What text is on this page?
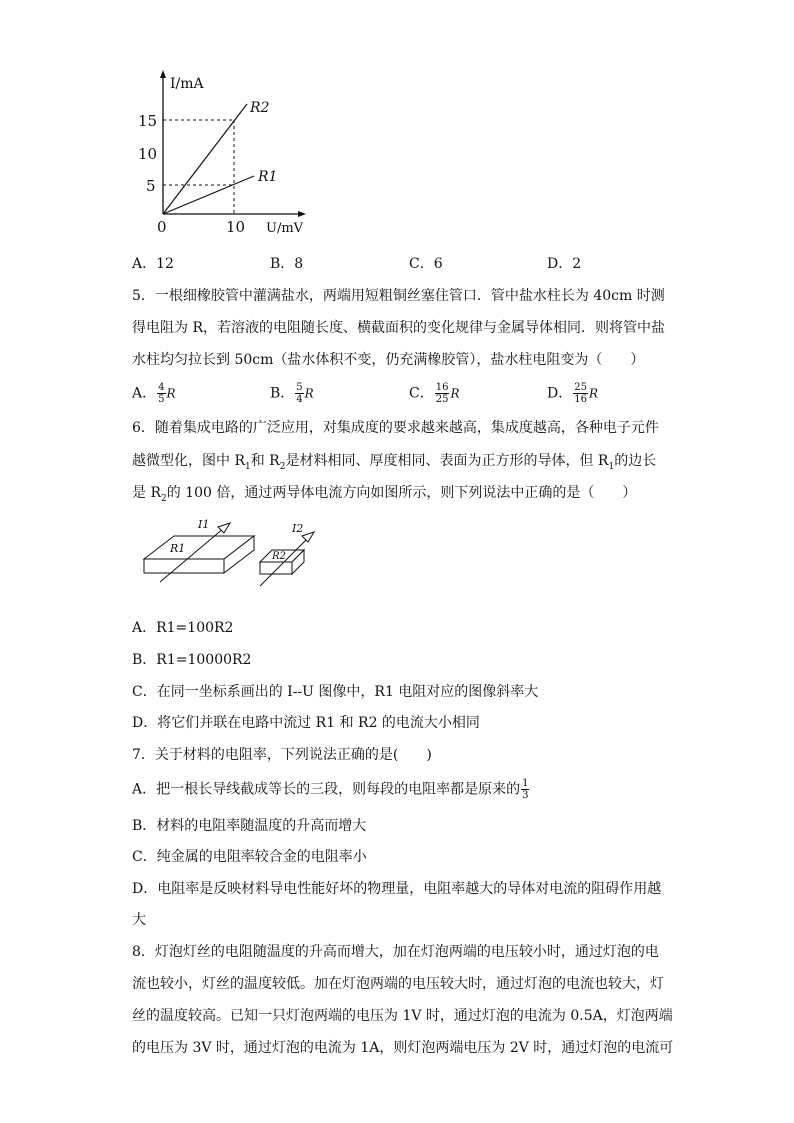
I/mA
15
10
5
0	10 U/mV
R2
R1
A．12	B．8	C．6	D．2
5．一根细橡胶管中灌满盐水，两端用短粗铜丝塞住管口．管中盐水柱长为 40cm 时测
得电阻为 R，若溶液的电阻随长度、横截面积的变化规律与金属导体相同．则将管中盐
水柱均匀拉长到 50cm（盐水体积不变，仍充满橡胶管），盐水柱电阻变为（　　）
A． $\frac{4}{5}$ R	B． $\frac{5}{4}$ R	C． $\frac{16}{25}$ R	D． $\frac{25}{16}$ R
6．随着集成电路的广泛应用，对集成度的要求越来越高，集成度越高，各种电子元件
越微型化，图中 $R_1$和 $R_2$是材料相同、厚度相同、表面为正方形的导体，但 $R_1$的边长
是 $R_2$的 100 倍，通过两导体电流方向如图所示，则下列说法中正确的是（　　）
R1
I1
R2
I2
A．R1=100R2
B．R1=10000R2
C．在同一坐标系画出的 I--U 图像中，R1 电阻对应的图像斜率大
D．将它们并联在电路中流过 R1 和 R2 的电流大小相同
7．关于材料的电阻率，下列说法正确的是(　　)
A．把一根长导线截成等长的三段，则每段的电阻率都是原来的 $\frac{1}{3}$
B．材料的电阻率随温度的升高而增大
C．纯金属的电阻率较合金的电阻率小
D．电阻率是反映材料导电性能好坏的物理量，电阻率越大的导体对电流的阻碍作用越
大
8．灯泡灯丝的电阻随温度的升高而增大，加在灯泡两端的电压较小时，通过灯泡的电
流也较小，灯丝的温度较低。加在灯泡两端的电压较大时，通过灯泡的电流也较大，灯
丝的温度较高。已知一只灯泡两端的电压为 1V 时，通过灯泡的电流为 0.5A，灯泡两端
的电压为 3V 时，通过灯泡的电流为 1A，则灯泡两端电压为 2V 时，通过灯泡的电流可
